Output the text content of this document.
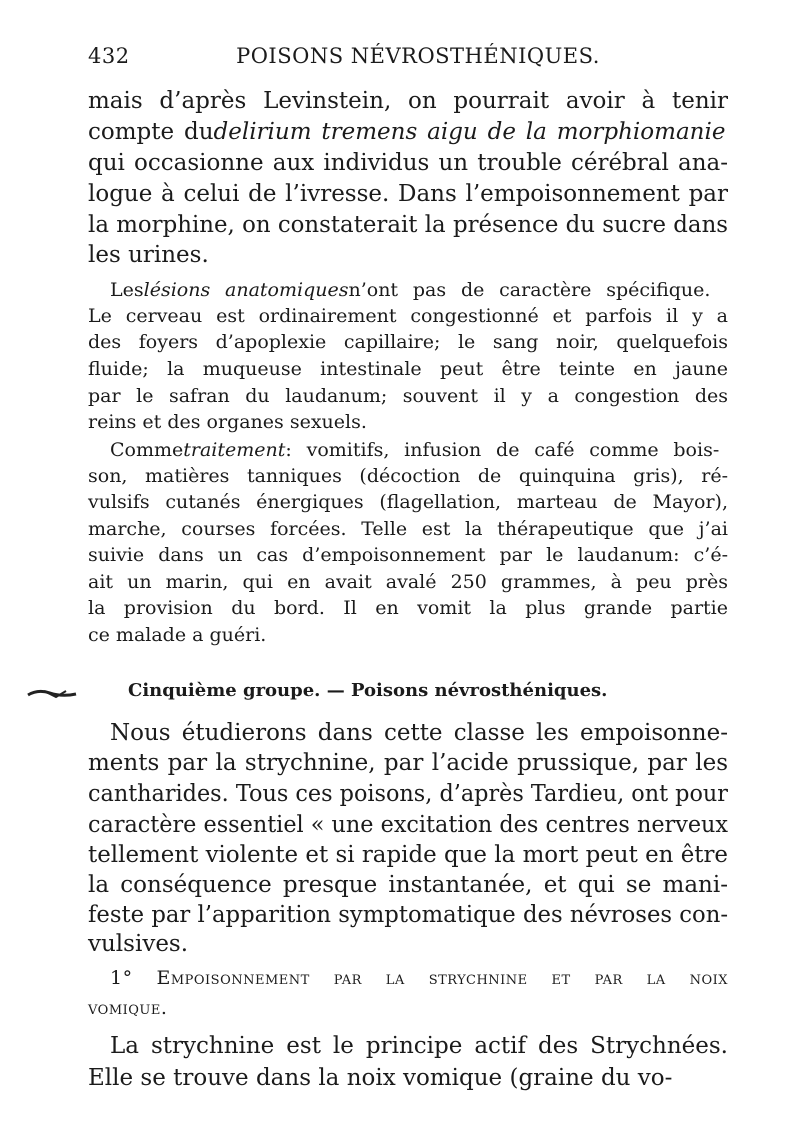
432	POISONS NÉVROSTHÉNIQUES.
mais d’après Levinstein, on pourrait avoir à tenir
compte dudelirium tremens aigu de la morphiomanie
qui occasionne aux individus un trouble cérébral ana-
logue à celui de l’ivresse. Dans l’empoisonnement par
la morphine, on constaterait la présence du sucre dans
les urines.
Leslésions anatomiquesn’ont pas de caractère spécifique.
Le cerveau est ordinairement congestionné et parfois il y a
des foyers d’apoplexie capillaire; le sang noir, quelquefois
fluide; la muqueuse intestinale peut être teinte en jaune
par le safran du laudanum; souvent il y a congestion des
reins et des organes sexuels.
Commetraitement: vomitifs, infusion de café comme bois-
son, matières tanniques (décoction de quinquina gris), ré-
vulsifs cutanés énergiques (flagellation, marteau de Mayor),
marche, courses forcées. Telle est la thérapeutique que j’ai
suivie dans un cas d’empoisonnement par le laudanum: c’é-
ait un marin, qui en avait avalé 250 grammes, à peu près
la provision du bord. Il en vomit la plus grande partie
ce malade a guéri.
Cinquième groupe. — Poisons névrosthéniques.
Nous étudierons dans cette classe les empoisonne-
ments par la strychnine, par l’acide prussique, par les
cantharides. Tous ces poisons, d’après Tardieu, ont pour
caractère essentiel « une excitation des centres nerveux
tellement violente et si rapide que la mort peut en être
la conséquence presque instantanée, et qui se mani-
feste par l’apparition symptomatique des névroses con-
vulsives.
1° Empoisonnement par la strychnine et par la noix
vomique.
La strychnine est le principe actif des Strychnées.
Elle se trouve dans la noix vomique (graine du vo-
